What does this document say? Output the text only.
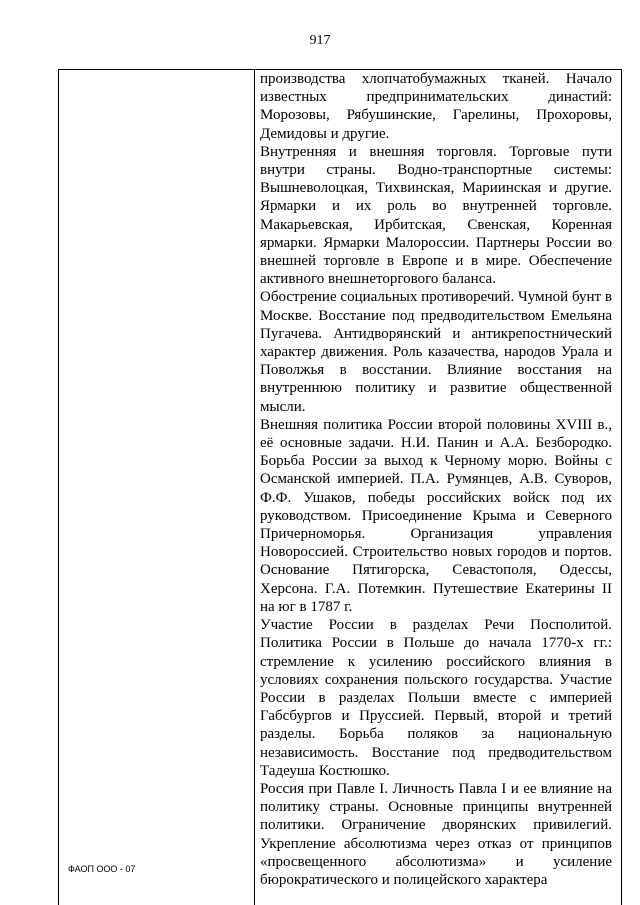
917

производства хлопчатобумажных тканей. Начало известных предпринимательских династий: Морозовы, Рябушинские, Гарелины, Прохоровы, Демидовы и другие.

Внутренняя и внешняя торговля. Торговые пути внутри страны. Водно-транспортные системы: Вышневолоцкая, Тихвинская, Мариинская и другие. Ярмарки и их роль во внутренней торговле. Макарьевская, Ирбитская, Свенская, Коренная ярмарки. Ярмарки Малороссии. Партнеры России во внешней торговле в Европе и в мире. Обеспечение активного внешнеторгового баланса.

Обострение социальных противоречий. Чумной бунт в Москве. Восстание под предводительством Емельяна Пугачева. Антидворянский и антикрепостнический характер движения. Роль казачества, народов Урала и Поволжья в восстании. Влияние восстания на внутреннюю политику и развитие общественной мысли.

Внешняя политика России второй половины XVIII в., её основные задачи. Н.И. Панин и А.А. Безбородко. Борьба России за выход к Черному морю. Войны с Османской империей. П.А. Румянцев, А.В. Суворов, Ф.Ф. Ушаков, победы российских войск под их руководством. Присоединение Крыма и Северного Причерноморья. Организация управления Новороссией. Строительство новых городов и портов. Основание Пятигорска, Севастополя, Одессы, Херсона. Г.А. Потемкин. Путешествие Екатерины II на юг в 1787 г.

Участие России в разделах Речи Посполитой. Политика России в Польше до начала 1770-х гг.: стремление к усилению российского влияния в условиях сохранения польского государства. Участие России в разделах Польши вместе с империей Габсбургов и Пруссией. Первый, второй и третий разделы. Борьба поляков за национальную независимость. Восстание под предводительством Тадеуша Костюшко.

Россия при Павле I. Личность Павла I и ее влияние на политику страны. Основные принципы внутренней политики. Ограничение дворянских привилегий. Укрепление абсолютизма через отказ от принципов «просвещенного абсолютизма» и усиление бюрократического и полицейского характера

ФАОП ООО - 07
